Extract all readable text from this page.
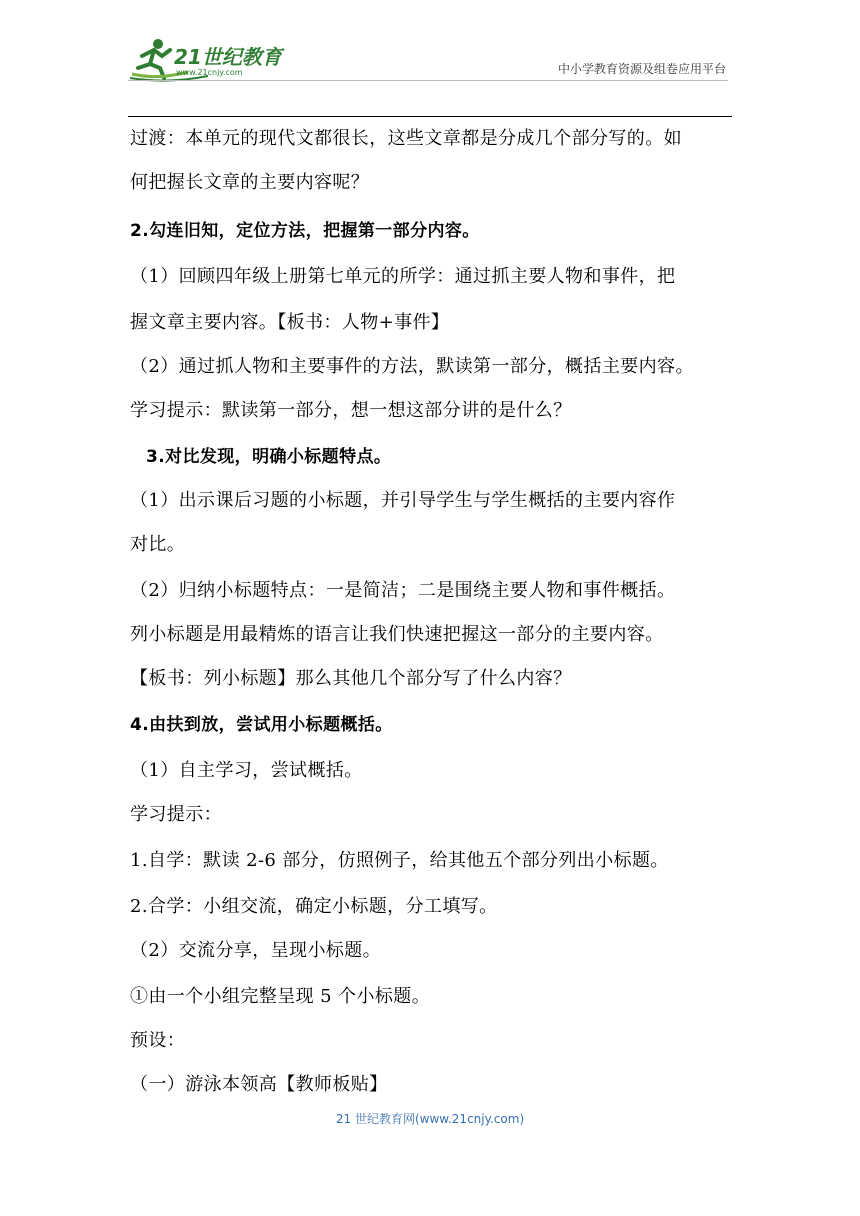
21世纪教育
www.21cnjy.com	中小学教育资源及组卷应用平台
过渡：本单元的现代文都很长，这些文章都是分成几个部分写的。如
何把握长文章的主要内容呢？
2.勾连旧知，定位方法，把握第一部分内容。
（1）回顾四年级上册第七单元的所学：通过抓主要人物和事件，把
握文章主要内容。【板书：人物+事件】
（2）通过抓人物和主要事件的方法，默读第一部分，概括主要内容。
学习提示：默读第一部分，想一想这部分讲的是什么？
3.对比发现，明确小标题特点。
（1）出示课后习题的小标题，并引导学生与学生概括的主要内容作
对比。
（2）归纳小标题特点：一是简洁；二是围绕主要人物和事件概括。
列小标题是用最精炼的语言让我们快速把握这一部分的主要内容。
【板书：列小标题】那么其他几个部分写了什么内容？
4.由扶到放，尝试用小标题概括。
（1）自主学习，尝试概括。
学习提示：
1.自学：默读 2-6 部分，仿照例子，给其他五个部分列出小标题。
2.合学：小组交流，确定小标题，分工填写。
（2）交流分享，呈现小标题。
①由一个小组完整呈现 5 个小标题。
预设：
（一）游泳本领高【教师板贴】
21 世纪教育网(www.21cnjy.com)
